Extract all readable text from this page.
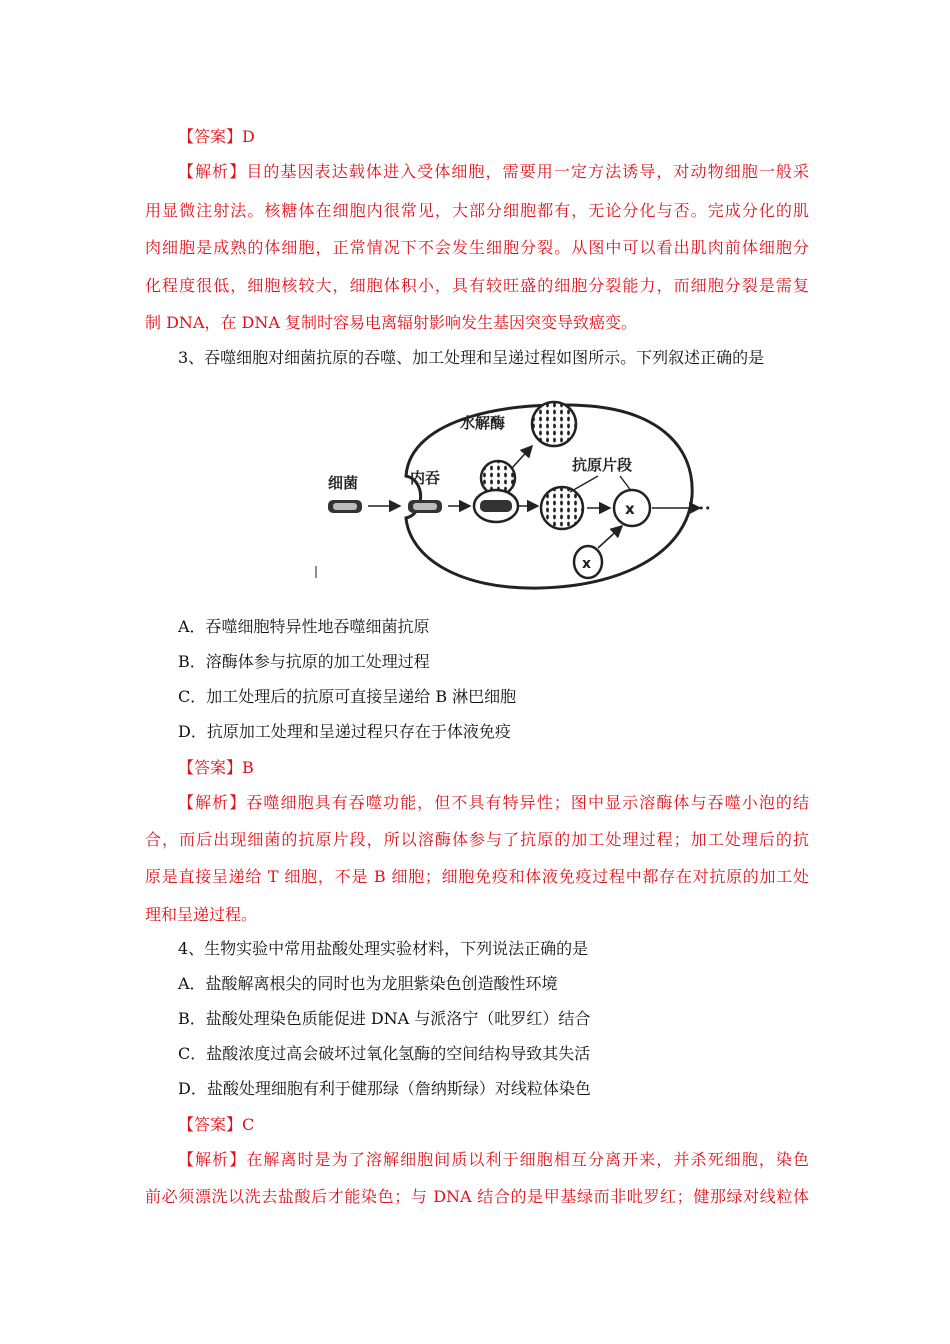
【答案】D
【解析】目的基因表达载体进入受体细胞，需要用一定方法诱导，对动物细胞一般采
用显微注射法。核糖体在细胞内很常见，大部分细胞都有，无论分化与否。完成分化的肌
肉细胞是成熟的体细胞，正常情况下不会发生细胞分裂。从图中可以看出肌肉前体细胞分
化程度很低，细胞核较大，细胞体积小，具有较旺盛的细胞分裂能力，而细胞分裂是需复
制 DNA，在 DNA 复制时容易电离辐射影响发生基因突变导致癌变。
3、吞噬细胞对细菌抗原的吞噬、加工处理和呈递过程如图所示。下列叙述正确的是
细菌	内吞
水解酶
抗原片段
x	••
x
A．吞噬细胞特异性地吞噬细菌抗原
B．溶酶体参与抗原的加工处理过程
C．加工处理后的抗原可直接呈递给 B 淋巴细胞
D．抗原加工处理和呈递过程只存在于体液免疫
【答案】B
【解析】吞噬细胞具有吞噬功能，但不具有特异性；图中显示溶酶体与吞噬小泡的结
合，而后出现细菌的抗原片段，所以溶酶体参与了抗原的加工处理过程；加工处理后的抗
原是直接呈递给 T 细胞，不是 B 细胞；细胞免疫和体液免疫过程中都存在对抗原的加工处
理和呈递过程。
4、生物实验中常用盐酸处理实验材料，下列说法正确的是
A．盐酸解离根尖的同时也为龙胆紫染色创造酸性环境
B．盐酸处理染色质能促进 DNA 与派洛宁（吡罗红）结合
C．盐酸浓度过高会破坏过氧化氢酶的空间结构导致其失活
D．盐酸处理细胞有利于健那绿（詹纳斯绿）对线粒体染色
【答案】C
【解析】在解离时是为了溶解细胞间质以利于细胞相互分离开来，并杀死细胞，染色
前必须漂洗以洗去盐酸后才能染色；与 DNA 结合的是甲基绿而非吡罗红；健那绿对线粒体
